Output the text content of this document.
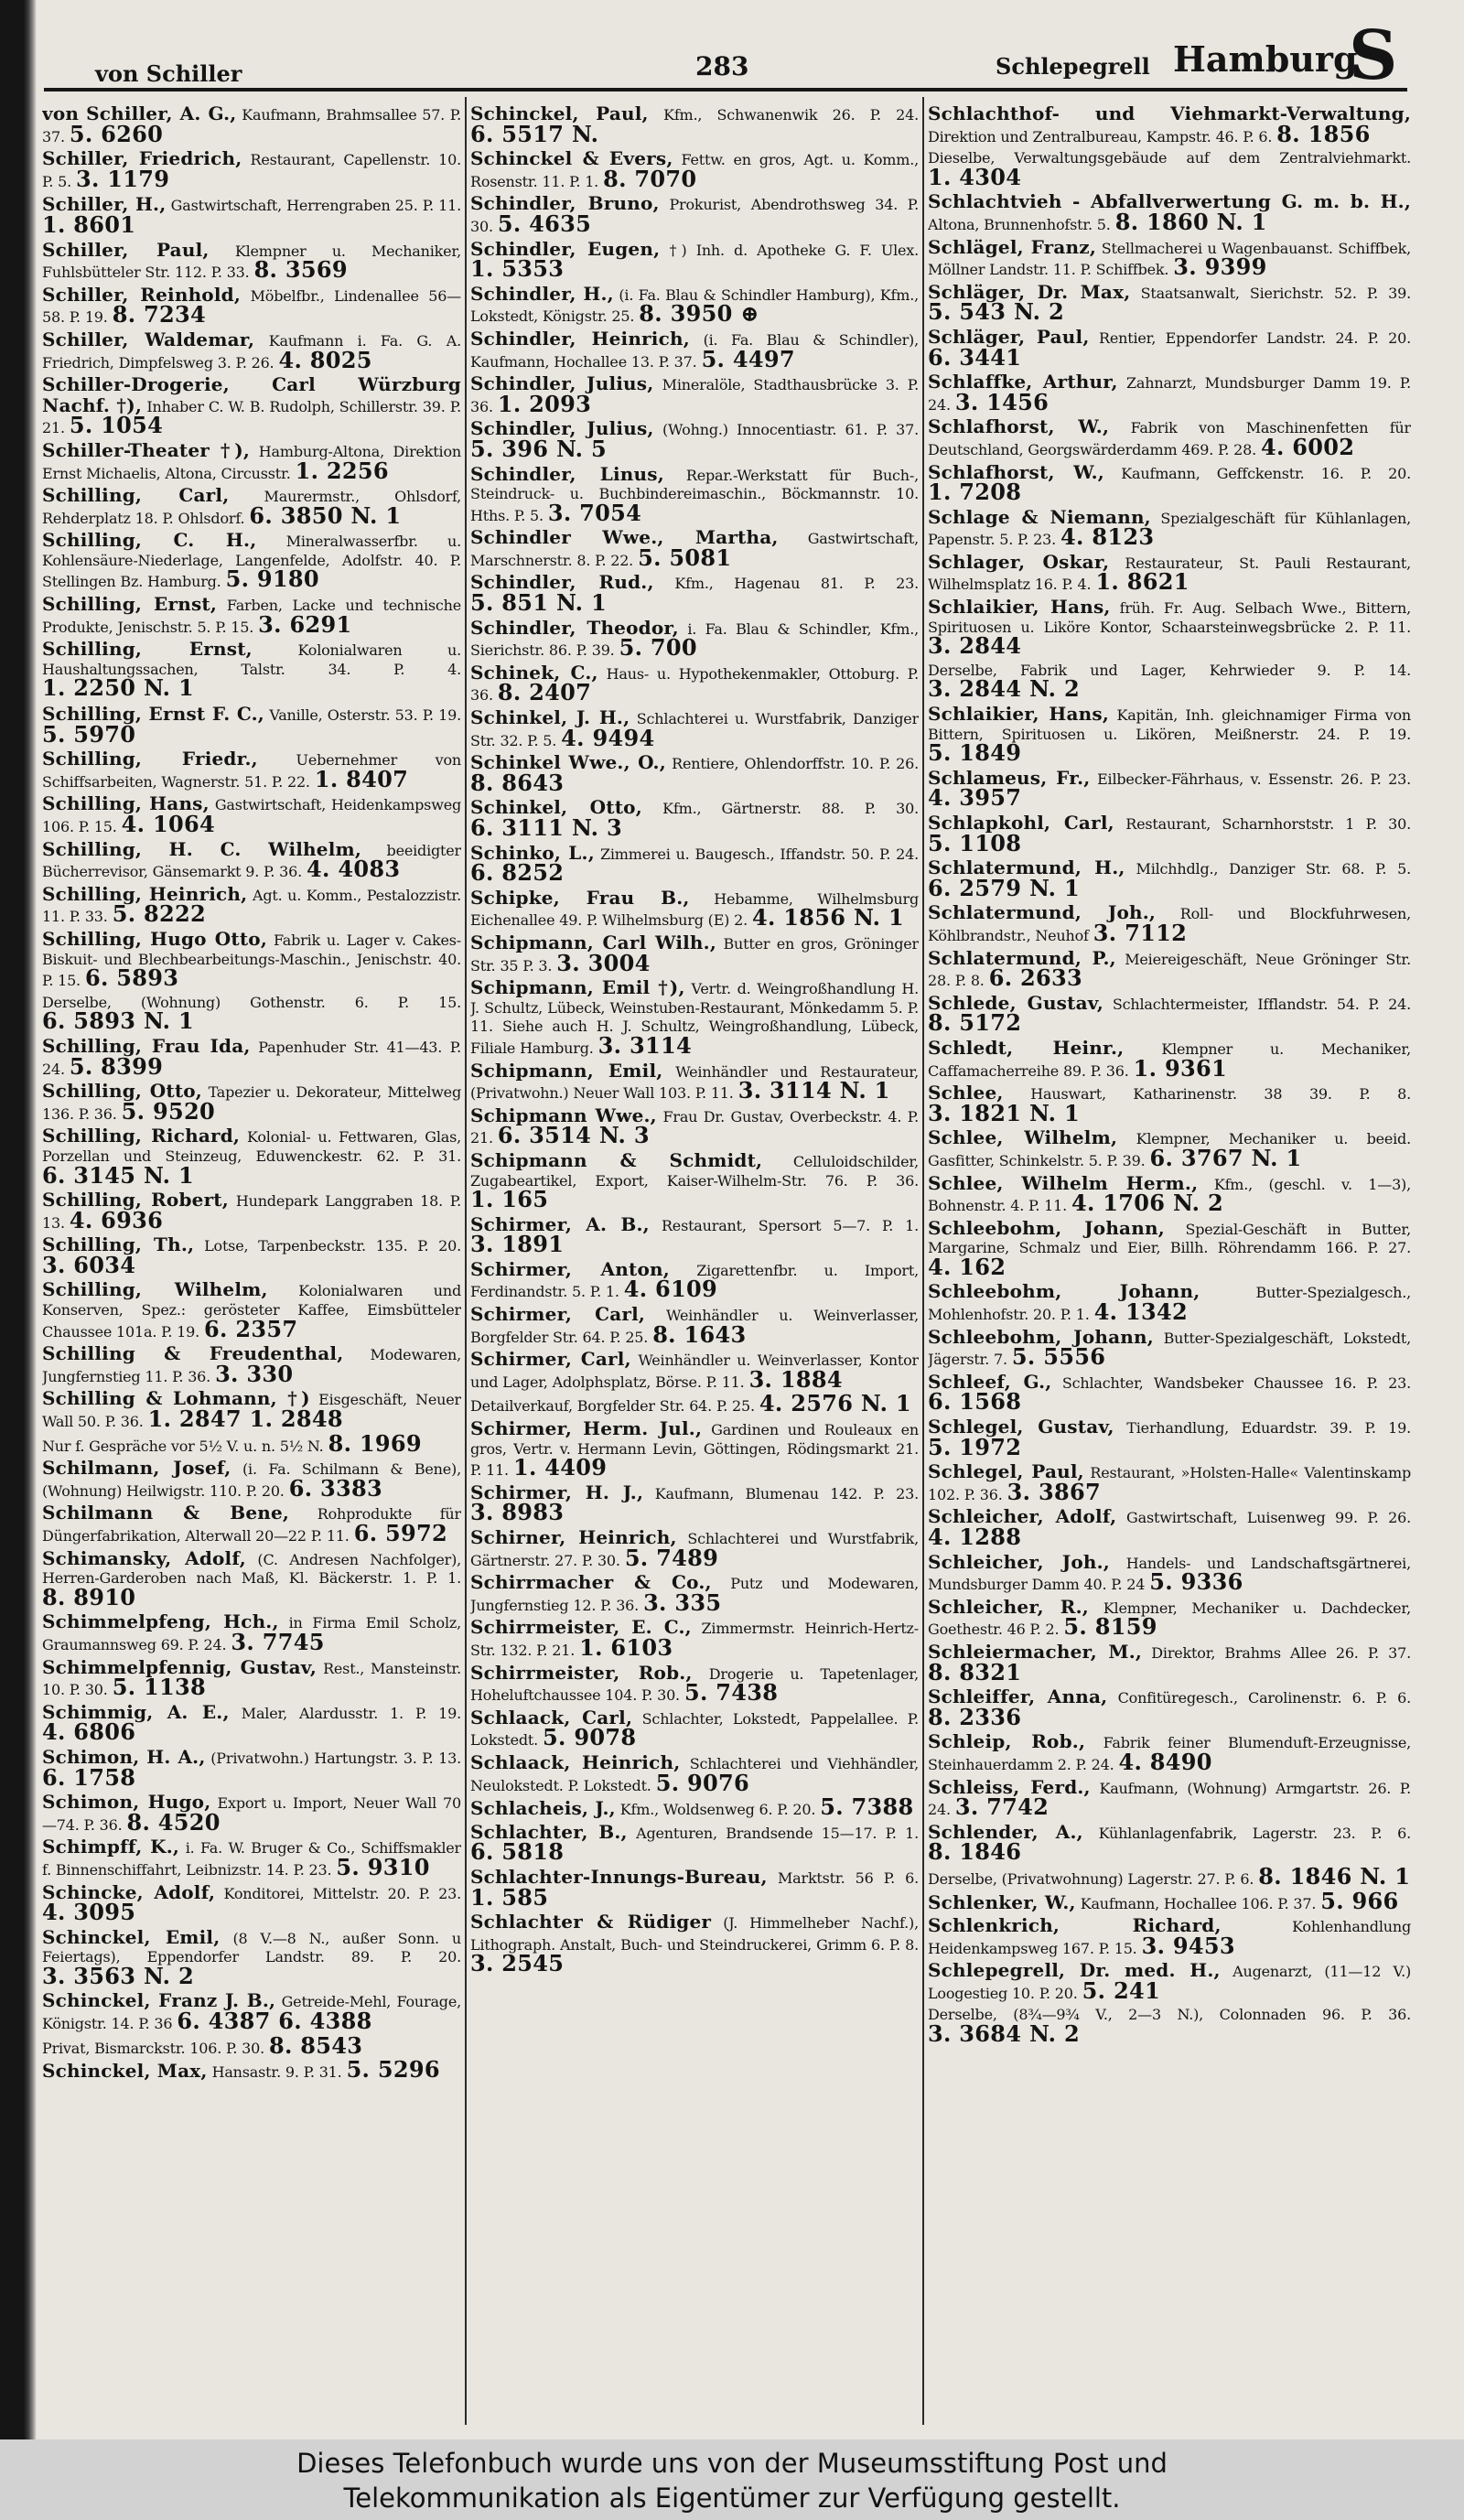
von Schiller	283	Schlepegrell Hamburg
S
von Schiller, A. G., Kaufmann, Brahmsallee 57. P. 37. 5. 6260
Schiller, Friedrich, Restaurant, Capellenstr. 10. P. 5. 3. 1179
Schiller, H., Gastwirtschaft, Herrengraben 25. P. 11. 1. 8601
Schiller, Paul, Klempner u. Mechaniker, Fuhlsbütteler Str. 112. P. 33. 8. 3569
Schiller, Reinhold, Möbelfbr., Lindenallee 56—58. P. 19. 8. 7234
Schiller, Waldemar, Kaufmann i. Fa. G. A. Friedrich, Dimpfelsweg 3. P. 26. 4. 8025
Schiller-Drogerie, Carl Würzburg Nachf. †), Inhaber C. W. B. Rudolph, Schillerstr. 39. P. 21. 5. 1054
Schiller-Theater †), Hamburg-Altona, Direktion Ernst Michaelis, Altona, Circusstr. 1. 2256
Schilling, Carl, Maurermstr., Ohlsdorf, Rehderplatz 18. P. Ohlsdorf. 6. 3850 N. 1
Schilling, C. H., Mineralwasserfbr. u. Kohlensäure-Niederlage, Langenfelde, Adolfstr. 40. P. Stellingen Bz. Hamburg. 5. 9180
Schilling, Ernst, Farben, Lacke und technische Produkte, Jenischstr. 5. P. 15. 3. 6291
Schilling, Ernst,	Kolonialwaren u. Haushaltungssachen, Talstr. 34. P. 4. 1. 2250 N. 1
Schilling, Ernst F. C., Vanille, Osterstr. 53. P. 19. 5. 5970
Schilling, Friedr.,	Uebernehmer von Schiffsarbeiten, Wagnerstr. 51. P. 22. 1. 8407
Schilling, Hans, Gastwirtschaft, Heidenkampsweg 106. P. 15. 4. 1064
Schilling, H. C. Wilhelm, beeidigter Bücherrevisor, Gänsemarkt 9. P. 36. 4. 4083
Schilling, Heinrich, Agt. u. Komm., Pestalozzistr. 11. P. 33. 5. 8222
Schilling, Hugo Otto, Fabrik u. Lager v. Cakes-Biskuit- und Blechbearbeitungs-Maschin., Jenischstr. 40. P. 15. 6. 5893
Derselbe, (Wohnung) Gothenstr. 6. P. 15. 6. 5893 N. 1
Schilling, Frau Ida, Papenhuder Str. 41—43. P. 24. 5. 8399
Schilling, Otto, Tapezier u. Dekorateur, Mittelweg 136. P. 36. 5. 9520
Schilling, Richard, Kolonial- u. Fettwaren, Glas, Porzellan und Steinzeug, Eduwenckestr. 62. P. 31. 6. 3145 N. 1
Schilling, Robert, Hundepark Langgraben 18. P. 13. 4. 6936
Schilling, Th., Lotse, Tarpenbeckstr. 135. P. 20. 3. 6034
Schilling, Wilhelm, Kolonialwaren und Konserven, Spez.: gerösteter Kaffee, Eimsbütteler Chaussee 101a. P. 19. 6. 2357
Schilling & Freudenthal, Modewaren, Jungfernstieg 11. P. 36. 3. 330
Schilling & Lohmann, †) Eisgeschäft, Neuer Wall 50. P. 36. 1. 2847 1. 2848
Nur f. Gespräche vor 5½ V. u. n. 5½ N. 8. 1969
Schilmann, Josef, (i. Fa. Schilmann & Bene), (Wohnung) Heilwigstr. 110. P. 20. 6. 3383
Schilmann & Bene, Rohprodukte für Düngerfabrikation, Alterwall 20—22 P. 11. 6. 5972
Schimansky, Adolf, (C. Andresen Nachfolger), Herren-Garderoben nach Maß, Kl. Bäckerstr. 1. P. 1. 8. 8910
Schimmelpfeng, Hch., in Firma Emil Scholz, Graumannsweg 69. P. 24. 3. 7745
Schimmelpfennig, Gustav, Rest., Mansteinstr. 10. P. 30. 5. 1138
Schimmig, A. E., Maler, Alardusstr. 1. P. 19. 4. 6806
Schimon, H. A., (Privatwohn.) Hartungstr. 3. P. 13. 6. 1758
Schimon, Hugo, Export u. Import, Neuer Wall 70—74. P. 36. 8. 4520
Schimpff, K., i. Fa. W. Bruger & Co., Schiffsmakler f. Binnenschiffahrt, Leibnizstr. 14. P. 23. 5. 9310
Schincke, Adolf, Konditorei, Mittelstr. 20. P. 23. 4. 3095
Schinckel, Emil, (8 V.—8 N., außer Sonn. u Feiertags), Eppendorfer Landstr. 89. P. 20. 3. 3563 N. 2
Schinckel, Franz J. B., Getreide-Mehl, Fourage, Königstr. 14. P. 36 6. 4387 6. 4388
Privat, Bismarckstr. 106. P. 30. 8. 8543
Schinckel, Max, Hansastr. 9. P. 31. 5. 5296
Schinckel, Paul, Kfm., Schwanenwik 26. P. 24. 6. 5517 N.
Schinckel & Evers, Fettw. en gros, Agt. u. Komm., Rosenstr. 11. P. 1. 8. 7070
Schindler, Bruno, Prokurist, Abendrothsweg 34. P. 30. 5. 4635
Schindler, Eugen, †) Inh. d. Apotheke G. F. Ulex. 1. 5353
Schindler, H., (i. Fa. Blau & Schindler Hamburg), Kfm., Lokstedt, Königstr. 25. 8. 3950 ⊕
Schindler, Heinrich, (i. Fa. Blau & Schindler), Kaufmann, Hochallee 13. P. 37. 5. 4497
Schindler, Julius, Mineralöle, Stadthausbrücke 3. P. 36. 1. 2093
Schindler, Julius, (Wohng.) Innocentiastr. 61. P. 37. 5. 396 N. 5
Schindler, Linus, Repar.-Werkstatt für Buch-, Steindruck- u. Buchbindereimaschin., Böckmannstr. 10. Hths. P. 5. 3. 7054
Schindler Wwe., Martha, Gastwirtschaft, Marschnerstr. 8. P. 22. 5. 5081
Schindler, Rud., Kfm., Hagenau 81. P. 23. 5. 851 N. 1
Schindler, Theodor, i. Fa. Blau & Schindler, Kfm., Sierichstr. 86. P. 39. 5. 700
Schinek, C., Haus- u. Hypothekenmakler, Ottoburg. P. 36. 8. 2407
Schinkel, J. H., Schlachterei u. Wurstfabrik, Danziger Str. 32. P. 5. 4. 9494
Schinkel Wwe., O., Rentiere, Ohlendorffstr. 10. P. 26. 8. 8643
Schinkel, Otto, Kfm., Gärtnerstr. 88. P. 30. 6. 3111 N. 3
Schinko, L., Zimmerei u. Baugesch., Iffandstr. 50. P. 24. 6. 8252
Schipke, Frau B., Hebamme, Wilhelmsburg Eichenallee 49. P. Wilhelmsburg (E) 2. 4. 1856 N. 1
Schipmann, Carl Wilh., Butter en gros, Gröninger Str. 35 P. 3. 3. 3004
Schipmann, Emil †), Vertr. d. Weingroßhandlung H. J. Schultz, Lübeck, Weinstuben-Restaurant, Mönkedamm 5. P. 11. Siehe auch H. J. Schultz, Weingroßhandlung, Lübeck, Filiale Hamburg. 3. 3114
Schipmann, Emil, Weinhändler und Restaurateur, (Privatwohn.) Neuer Wall 103. P. 11. 3. 3114 N. 1
Schipmann Wwe., Frau Dr. Gustav, Overbeckstr. 4. P. 21. 6. 3514 N. 3
Schipmann & Schmidt, Celluloidschilder, Zugabeartikel, Export, Kaiser-Wilhelm-Str. 76. P. 36. 1. 165
Schirmer, A. B., Restaurant, Spersort 5—7. P. 1. 3. 1891
Schirmer, Anton, Zigarettenfbr. u. Import, Ferdinandstr. 5. P. 1. 4. 6109
Schirmer, Carl, Weinhändler u. Weinverlasser, Borgfelder Str. 64. P. 25. 8. 1643
Schirmer, Carl, Weinhändler u. Weinverlasser, Kontor und Lager, Adolphsplatz, Börse. P. 11. 3. 1884
Detailverkauf, Borgfelder Str. 64. P. 25. 4. 2576 N. 1
Schirmer, Herm. Jul., Gardinen und Rouleaux en gros, Vertr. v. Hermann Levin, Göttingen, Rödingsmarkt 21. P. 11. 1. 4409
Schirmer, H. J., Kaufmann, Blumenau 142. P. 23. 3. 8983
Schirner, Heinrich, Schlachterei und Wurstfabrik, Gärtnerstr. 27. P. 30. 5. 7489
Schirrmacher & Co., Putz und Modewaren, Jungfernstieg 12. P. 36. 3. 335
Schirrmeister, E. C., Zimmermstr. Heinrich-Hertz-Str. 132. P. 21. 1. 6103
Schirrmeister, Rob., Drogerie u. Tapetenlager, Hoheluftchaussee 104. P. 30. 5. 7438
Schlaack, Carl, Schlachter, Lokstedt, Pappelallee. P. Lokstedt. 5. 9078
Schlaack, Heinrich, Schlachterei und Viehhändler, Neulokstedt. P. Lokstedt. 5. 9076
Schlacheis, J., Kfm., Woldsenweg 6. P. 20. 5. 7388
Schlachter, B., Agenturen, Brandsende 15—17. P. 1. 6. 5818
Schlachter-Innungs-Bureau, Marktstr. 56 P. 6. 1. 585
Schlachter & Rüdiger (J. Himmelheber Nachf.), Lithograph. Anstalt, Buch- und Steindruckerei, Grimm 6. P. 8. 3. 2545
Schlachthof- und Viehmarkt-Verwaltung, Direktion und Zentralbureau, Kampstr. 46. P. 6. 8. 1856
Dieselbe, Verwaltungsgebäude auf dem Zentralviehmarkt. 1. 4304
Schlachtvieh - Abfallverwertung G. m. b. H., Altona, Brunnenhofstr. 5. 8. 1860 N. 1
Schlägel, Franz, Stellmacherei u Wagenbauanst. Schiffbek, Möllner Landstr. 11. P. Schiffbek. 3. 9399
Schläger, Dr. Max, Staatsanwalt, Sierichstr. 52. P. 39. 5. 543 N. 2
Schläger, Paul, Rentier, Eppendorfer Landstr. 24. P. 20. 6. 3441
Schlaffke, Arthur, Zahnarzt, Mundsburger Damm 19. P. 24. 3. 1456
Schlafhorst, W., Fabrik von Maschinenfetten für Deutschland, Georgswärderdamm 469. P. 28. 4. 6002
Schlafhorst, W., Kaufmann, Geffckenstr. 16. P. 20. 1. 7208
Schlage & Niemann, Spezialgeschäft für Kühlanlagen, Papenstr. 5. P. 23. 4. 8123
Schlager, Oskar, Restaurateur, St. Pauli Restaurant, Wilhelmsplatz 16. P. 4. 1. 8621
Schlaikier, Hans, früh. Fr. Aug. Selbach Wwe., Bittern, Spirituosen u. Liköre Kontor, Schaarsteinwegsbrücke 2. P. 11. 3. 2844
Derselbe, Fabrik und Lager, Kehrwieder 9. P. 14. 3. 2844 N. 2
Schlaikier, Hans, Kapitän, Inh. gleichnamiger Firma von Bittern, Spirituosen u. Likören, Meißnerstr. 24. P. 19. 5. 1849
Schlameus, Fr., Eilbecker-Fährhaus, v. Essenstr. 26. P. 23. 4. 3957
Schlapkohl, Carl, Restaurant, Scharnhorststr. 1 P. 30. 5. 1108
Schlatermund, H., Milchhdlg., Danziger Str. 68. P. 5. 6. 2579 N. 1
Schlatermund, Joh., Roll- und Blockfuhrwesen, Köhlbrandstr., Neuhof 3. 7112
Schlatermund, P., Meiereigeschäft, Neue Gröninger Str. 28. P. 8. 6. 2633
Schlede, Gustav, Schlachtermeister, Ifflandstr. 54. P. 24. 8. 5172
Schledt, Heinr.,	Klempner u. Mechaniker, Caffamacherreihe 89. P. 36. 1. 9361
Schlee, Hauswart, Katharinenstr. 38 39. P. 8. 3. 1821 N. 1
Schlee, Wilhelm, Klempner, Mechaniker u. beeid. Gasfitter, Schinkelstr. 5. P. 39. 6. 3767 N. 1
Schlee, Wilhelm Herm., Kfm., (geschl. v. 1—3), Bohnenstr. 4. P. 11. 4. 1706 N. 2
Schleebohm, Johann, Spezial-Geschäft in Butter, Margarine, Schmalz und Eier, Billh. Röhrendamm 166. P. 27. 4. 162
Schleebohm, Johann,	Butter-Spezialgesch., Mohlenhofstr. 20. P. 1. 4. 1342
Schleebohm, Johann, Butter-Spezialgeschäft, Lokstedt, Jägerstr. 7. 5. 5556
Schleef, G., Schlachter, Wandsbeker Chaussee 16. P. 23. 6. 1568
Schlegel, Gustav, Tierhandlung, Eduardstr. 39. P. 19. 5. 1972
Schlegel, Paul, Restaurant, »Holsten-Halle« Valentinskamp 102. P. 36. 3. 3867
Schleicher, Adolf, Gastwirtschaft, Luisenweg 99. P. 26. 4. 1288
Schleicher, Joh., Handels- und Landschaftsgärtnerei, Mundsburger Damm 40. P. 24 5. 9336
Schleicher, R., Klempner, Mechaniker u. Dachdecker, Goethestr. 46 P. 2. 5. 8159
Schleiermacher, M., Direktor, Brahms Allee 26. P. 37. 8. 8321
Schleiffer, Anna, Confitüregesch., Carolinenstr. 6. P. 6. 8. 2336
Schleip, Rob., Fabrik feiner Blumenduft-Erzeugnisse, Steinhauerdamm 2. P. 24. 4. 8490
Schleiss, Ferd., Kaufmann, (Wohnung) Armgartstr. 26. P. 24. 3. 7742
Schlender, A., Kühlanlagenfabrik, Lagerstr. 23. P. 6. 8. 1846
Derselbe, (Privatwohnung) Lagerstr. 27. P. 6. 8. 1846 N. 1
Schlenker, W., Kaufmann, Hochallee 106. P. 37. 5. 966
Schlenkrich, Richard,	Kohlenhandlung Heidenkampsweg 167. P. 15. 3. 9453
Schlepegrell, Dr. med. H., Augenarzt, (11—12 V.) Loogestieg 10. P. 20. 5. 241
Derselbe, (8¾—9¾ V., 2—3 N.), Colonnaden 96. P. 36. 3. 3684 N. 2
Dieses Telefonbuch wurde uns von der Museumsstiftung Post und
Telekommunikation als Eigentümer zur Verfügung gestellt.
